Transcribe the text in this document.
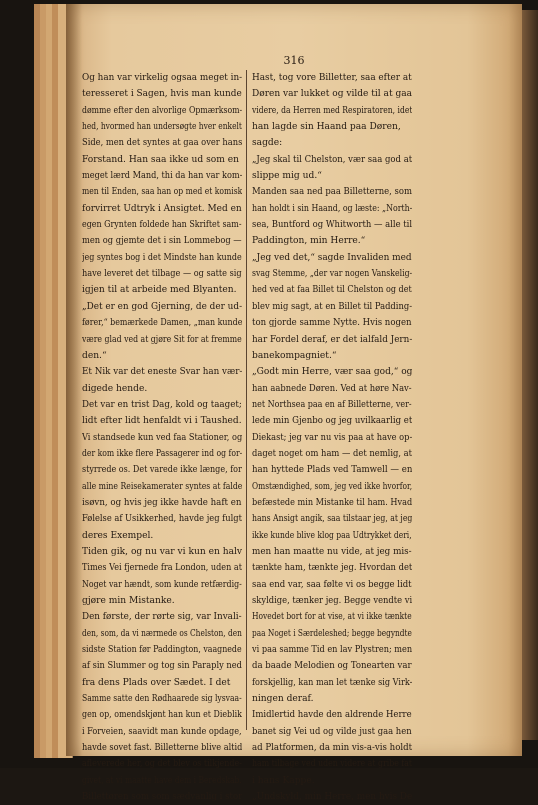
316
Og han var virkelig ogsaa meget in-
teresseret i Sagen, hvis man kunde
dømme efter den alvorlige Opmærksom-
hed, hvormed han undersøgte hver enkelt
Side, men det syntes at gaa over hans
Forstand. Han saa ikke ud som en
meget lærd Mand, thi da han var kom-
men til Enden, saa han op med et komisk
forvirret Udtryk i Ansigtet. Med en
egen Grynten foldede han Skriftet sam-
men og gjemte det i sin Lommebog —
jeg syntes bog i det Mindste han kunde
have leveret det tilbage — og satte sig
igjen til at arbeide med Blyanten.
„Det er en god Gjerning, de der ud-
fører,“ bemærkede Damen, „man kunde
være glad ved at gjøre Sit for at fremme
den.“
Et Nik var det eneste Svar han vær-
digede hende.
Det var en trist Dag, kold og taaget;
lidt efter lidt henfaldt vi i Taushed.
Vi standsede kun ved faa Stationer, og
der kom ikke flere Passagerer ind og for-
styrrede os. Det varede ikke længe, for
alle mine Reisekamerater syntes at falde
isøvn, og hvis jeg ikke havde haft en
Følelse af Usikkerhed, havde jeg fulgt
deres Exempel.
Tiden gik, og nu var vi kun en halv
Times Vei fjernede fra London, uden at
Noget var hændt, som kunde retfærdig-
gjøre min Mistanke.
Den første, der rørte sig, var Invali-
den, som, da vi nærmede os Chelston, den
sidste Station før Paddington, vaagnede
af sin Slummer og tog sin Paraply ned
fra dens Plads over Sædet. I det
Samme satte den Rødhaarede sig lysvaa-
gen op, omendskjønt han kun et Dieblik
i Forveien, saavidt man kunde opdage,
havde sovet fast. Billetterne blive altid
afleverede her, og det blev os tilkjende-
givet, at vi maatte have dem i Beredskab.
Billettøren som som sædvanlig i stor
Hast, tog vore Billetter, saa efter at
Døren var lukket og vilde til at gaa
videre, da Herren med Respiratoren, idet
han lagde sin Haand paa Døren,
sagde:
„Jeg skal til Chelston, vær saa god at
slippe mig ud.“
Manden saa ned paa Billetterne, som
han holdt i sin Haand, og læste: „North-
sea, Buntford og Whitworth — alle til
Paddington, min Herre.“
„Jeg ved det,“ sagde Invaliden med
svag Stemme, „der var nogen Vanskelig-
hed ved at faa Billet til Chelston og det
blev mig sagt, at en Billet til Padding-
ton gjorde samme Nytte. Hvis nogen
har Fordel deraf, er det ialfald Jern-
banekompagniet.“
„Godt min Herre, vær saa god,“ og
han aabnede Døren. Ved at høre Nav-
net Northsea paa en af Billetterne, ver-
lede min Gjenbo og jeg uvilkaarlig et
Diekast; jeg var nu vis paa at have op-
daget noget om ham — det nemlig, at
han hyttede Plads ved Tamwell — en
Omstændighed, som, jeg ved ikke hvorfor,
befæstede min Mistanke til ham. Hvad
hans Ansigt angik, saa tilstaar jeg, at jeg
ikke kunde blive klog paa Udtrykket deri,
men han maatte nu vide, at jeg mis-
tænkte ham, tænkte jeg. Hvordan det
saa end var, saa følte vi os begge lidt
skyldige, tænker jeg. Begge vendte vi
Hovedet bort for at vise, at vi ikke tænkte
paa Noget i Særdeleshed; begge begyndte
vi paa samme Tid en lav Plystren; men
da baade Melodien og Tonearten var
forskjellig, kan man let tænke sig Virk-
ningen deraf.
Imidlertid havde den aldrende Herre
banet sig Vei ud og vilde just gaa hen
ad Platformen, da min vis-a-vis holdt
ham tilbage ved uden videre at gribe fat
i hans Kappe.
„Undskyld, min Herre, men hvis De
